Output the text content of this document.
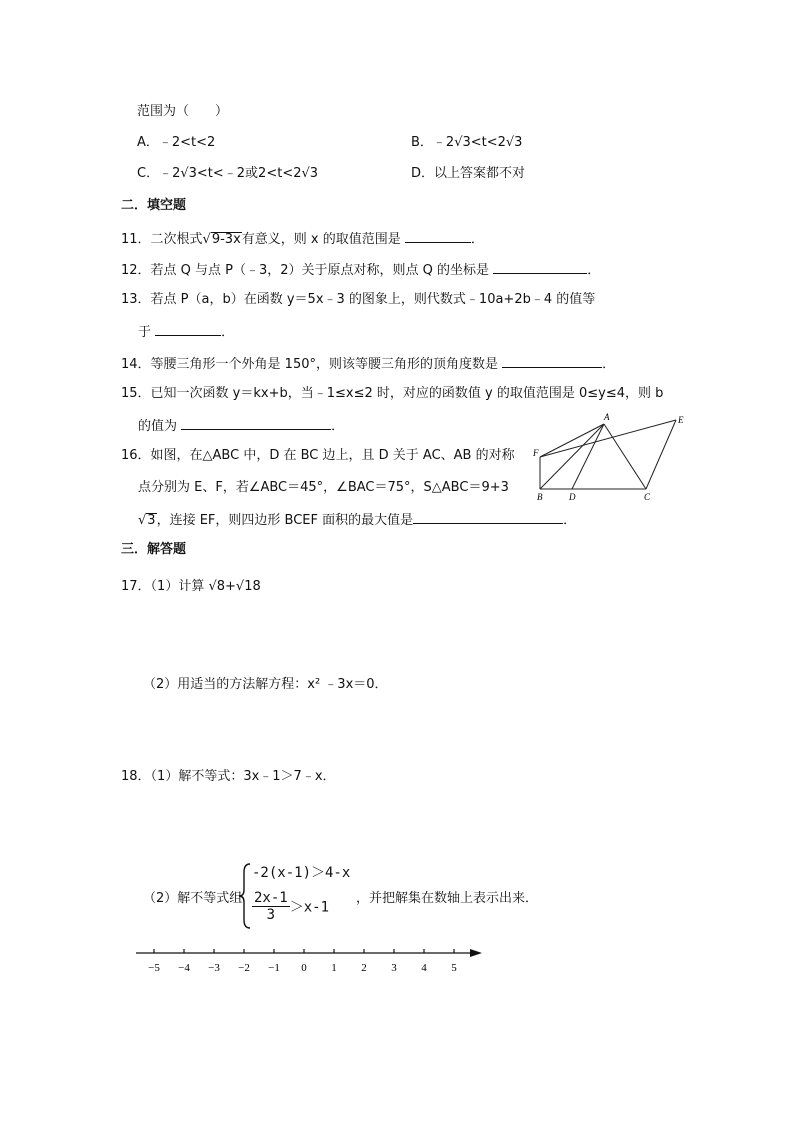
范围为（　　）
A．﹣2<t<2	B．﹣2√3<t<2√3
C．﹣2√3<t<﹣2或2<t<2√3	D．以上答案都不对
二．填空题
11．二次根式√9-3x有意义，则 x 的取值范围是	．
12．若点 Q 与点 P（﹣3，2）关于原点对称，则点 Q 的坐标是	．
13．若点 P（a，b）在函数 y＝5x﹣3 的图象上，则代数式﹣10a+2b﹣4 的值等
于	．
14．等腰三角形一个外角是 150°，则该等腰三角形的顶角度数是	．
15．已知一次函数 y＝kx+b，当﹣1≤x≤2 时，对应的函数值 y 的取值范围是 0≤y≤4，则 b
的值为	．
16．如图，在△ABC 中，D 在 BC 边上，且 D 关于 AC、AB 的对称
点分别为 E、F，若∠ABC＝45°，∠BAC＝75°，S△ABC＝9+3
√3，连接 EF，则四边形 BCEF 面积的最大值是	．
A
B	C
D
E
F
三．解答题
17．（1）计算 √8+√18
（2）用适当的方法解方程：x² ﹣3x＝0．
18．（1）解不等式：3x﹣1＞7﹣x．
（2）解不等式组
-2(x-1)＞4-x
$\frac{2x-1}{3} >x-1$
，并把解集在数轴上表示出来．
−5 −4 −3 −2 −1 0 1 2 3 4 5
